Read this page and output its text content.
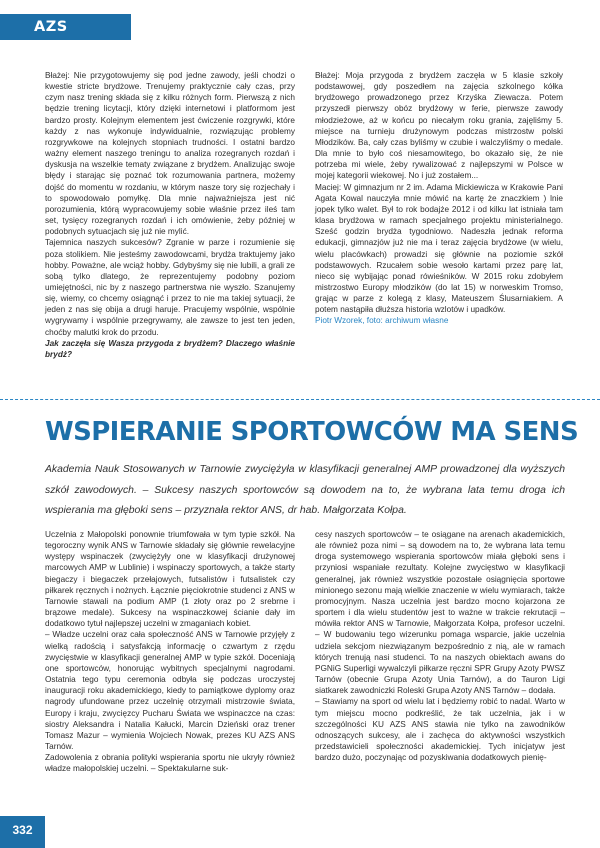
AZS KRAKÓW

Błażej: Nie przygotowujemy się pod jedne zawody, jeśli chodzi o kwestie stricte brydżowe. Trenujemy praktycznie cały czas, przy czym nasz trening składa się z kilku różnych form. Pierwszą z nich będzie trening licytacji, który dzięki internetowi i platformom jest bardzo prosty. Kolejnym elementem jest ćwiczenie rozgrywki, które każdy z nas wykonuje indywidualnie, rozwiązując problemy rozgrywkowe na kolejnych stopniach trudności. I ostatni bardzo ważny element naszego treningu to analiza rozegranych rozdań i dyskusja na wszelkie tematy związane z brydżem. Analizując swoje błędy i starając się poznać tok rozumowania partnera, możemy dojść do momentu w rozdaniu, w którym nasze tory się rozjechały i to spowodowało pomyłkę. Dla mnie najważniejsza jest nić porozumienia, którą wypracowujemy sobie właśnie przez ileś tam set, tysięcy rozegranych rozdań i ich omówienie, żeby później w podobnych sytuacjach się już nie mylić.

Tajemnica naszych sukcesów? Zgranie w parze i rozumienie się poza stolikiem. Nie jesteśmy zawodowcami, brydża traktujemy jako hobby. Poważne, ale wciąż hobby. Gdybyśmy się nie lubili, a grali ze sobą tylko dlatego, że reprezentujemy podobny poziom umiejętności, nic by z naszego partnerstwa nie wyszło. Szanujemy się, wiemy, co chcemy osiągnąć i przez to nie ma takiej sytuacji, że jeden z nas się obija a drugi haruje. Pracujemy wspólnie, wspólnie wygrywamy i wspólnie przegrywamy, ale zawsze to jest ten jeden, choćby malutki krok do przodu.

Jak zaczęła się Wasza przygoda z brydżem? Dlaczego właśnie brydż?

Błażej: Moja przygoda z brydżem zaczęła w 5 klasie szkoły podstawowej, gdy poszedłem na zajęcia szkolnego kółka brydżowego prowadzonego przez Krzyśka Ziewacza. Potem przyszedł pierwszy obóz brydżowy w ferie, pierwsze zawody młodzieżowe, aż w końcu po niecałym roku grania, zajęliśmy 5. miejsce na turnieju drużynowym podczas mistrzostw polski Młodzików. Ba, cały czas byliśmy w czubie i walczyliśmy o medale. Dla mnie to było coś niesamowitego, bo okazało się, że nie potrzeba mi wiele, żeby rywalizować z najlepszymi w Polsce w mojej kategorii wiekowej. No i już zostałem...

Maciej: W gimnazjum nr 2 im. Adama Mickiewicza w Krakowie Pani Agata Kowal nauczyła mnie mówić na kartę że znaczkiem ) lnie jopek tylko walet. Był to rok bodajże 2012 i od kilku lat istniała tam klasa brydżowa w ramach specjalnego projektu ministerialnego. Sześć godzin brydża tygodniowo. Nadeszła jednak reforma edukacji, gimnazjów już nie ma i teraz zajęcia brydżowe (w wielu, wielu placówkach) prowadzi się głównie na poziomie szkół podstawowych. Rzucałem sobie wesoło kartami przez parę lat, nieco się wybijając ponad rówieśników. W 2015 roku zdobyłem mistrzostwo Europy młodzików (do lat 15) w norweskim Tromso, grając w parze z kolegą z klasy, Mateuszem Ślusarniakiem. A potem nastąpiła dłuższa historia wzlotów i upadków.

Piotr Wzorek, foto: archiwum własne

WSPIERANIE SPORTOWCÓW MA SENS

Akademia Nauk Stosowanych w Tarnowie zwyciężyła w klasyfikacji generalnej AMP prowadzonej dla wyższych szkół zawodowych. – Sukcesy naszych sportowców są dowodem na to, że wybrana lata temu droga ich wspierania ma głęboki sens – przyznała rektor ANS, dr hab. Małgorzata Kołpa.

Uczelnia z Małopolski ponownie triumfowała w tym typie szkół. Na tegoroczny wynik ANS w Tarnowie składały się głównie rewelacyjne występy wspinaczek (zwyciężyły one w klasyfikacji drużynowej marcowych AMP w Lublinie) i wspinaczy sportowych, a także starty biegaczy i biegaczek przełajowych, futsalistów i futsalistek czy piłkarek ręcznych i nożnych. Łącznie pięciokrotnie studenci z ANS w Tarnowie stawali na podium AMP (1 złoty oraz po 2 srebrne i brązowe medale). Sukcesy na wspinaczkowej ścianie dały im dodatkowo tytuł najlepszej uczelni w zmaganiach kobiet.

– Władze uczelni oraz cała społeczność ANS w Tarnowie przyjęły z wielką radością i satysfakcją informację o czwartym z rzędu zwycięstwie w klasyfikacji generalnej AMP w typie szkół. Doceniają one sportowców, honorując wybitnych specjalnymi nagrodami. Ostatnia tego typu ceremonia odbyła się podczas uroczystej inauguracji roku akademickiego, kiedy to pamiątkowe dyplomy oraz nagrody ufundowane przez uczelnię otrzymali mistrzowie świata, Europy i kraju, zwycięzcy Pucharu Świata we wspinaczce na czas: siostry Aleksandra i Natalia Kałucki, Marcin Dzieński oraz trener Tomasz Mazur – wymienia Wojciech Nowak, prezes KU AZS ANS Tarnów.

Zadowolenia z obrania polityki wspierania sportu nie ukryły również władze małopolskiej uczelni. – Spektakularne suk-

cesy naszych sportowców – te osiągane na arenach akademickich, ale również poza nimi – są dowodem na to, że wybrana lata temu droga systemowego wspierania sportowców miała głęboki sens i przyniosi wspaniałe rezultaty. Kolejne zwycięstwo w klasyfikacji generalnej, jak również wszystkie pozostałe osiągnięcia sportowe minionego sezonu mają wielkie znaczenie w wielu wymiarach, także promocyjnym. Nasza uczelnia jest bardzo mocno kojarzona ze sportem i dla wielu studentów jest to ważne w trakcie rekrutacji – mówiła rektor ANS w Tarnowie, Małgorzata Kołpa, profesor uczelni. – W budowaniu tego wizerunku pomaga wsparcie, jakie uczelnia udziela sekcjom niezwiązanym bezpośrednio z nią, ale w ramach których trenują nasi studenci. To na naszych obiektach awans do PGNiG Superligi wywalczyli piłkarze ręczni SPR Grupy Azoty PWSZ Tarnów (obecnie Grupa Azoty Unia Tarnów), a do Tauron Ligi siatkarek zawodniczki Roleski Grupa Azoty ANS Tarnów – dodała.

– Stawiamy na sport od wielu lat i będziemy robić to nadal. Warto w tym miejscu mocno podkreślić, że tak uczelnia, jak i w szczególności KU AZS ANS stawia nie tylko na zawodników odnoszących sukcesy, ale i zachęca do aktywności wszystkich przedstawicieli społeczności akademickiej. Tych inicjatyw jest bardzo dużo, poczynając od pozyskiwania dodatkowych pienię-

332
